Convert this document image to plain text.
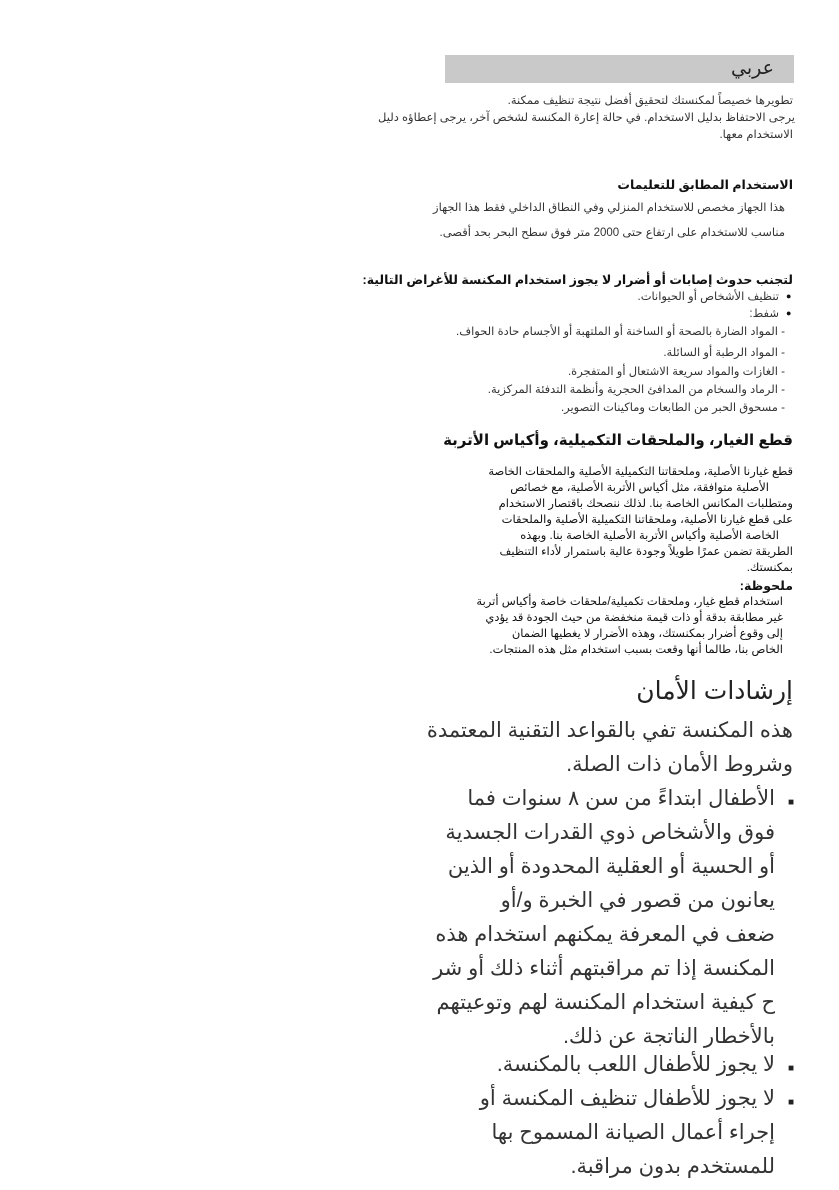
عربي
تطويرها خصيصاً لمكنستك لتحقيق أفضل نتيجة تنظيف ممكنة.
يرجى الاحتفاظ بدليل الاستخدام. في حالة إعارة المكنسة لشخص آخر، يرجى إعطاؤه دليل
الاستخدام معها.
الاستخدام المطابق للتعليمات
هذا الجهاز مخصص للاستخدام المنزلي وفي النطاق الداخلي فقط هذا الجهاز
مناسب للاستخدام على ارتفاع حتى 2000 متر فوق سطح البحر بحد أقصى.
لتجنب حدوث إصابات أو أضرار لا يجوز استخدام المكنسة للأغراض التالية:
●
تنظيف الأشخاص أو الحيوانات.
●
شفط:
- المواد الضارة بالصحة أو الساخنة أو الملتهبة أو الأجسام حادة الحواف.
- المواد الرطبة أو السائلة.
- الغازات والمواد سريعة الاشتعال أو المتفجرة.
- الرماد والسخام من المدافئ الحجرية وأنظمة التدفئة المركزية.
- مسحوق الحبر من الطابعات وماكينات التصوير.
قطع الغيار، والملحقات التكميلية، وأكياس الأتربة
قطع غيارنا الأصلية، وملحقاتنا التكميلية الأصلية والملحقات الخاصة
الأصلية متوافقة، مثل أكياس الأتربة الأصلية، مع خصائص
ومتطلبات المكانس الخاصة بنا. لذلك ننصحك باقتصار الاستخدام
على قطع غيارنا الأصلية، وملحقاتنا التكميلية الأصلية والملحقات
الخاصة الأصلية وأكياس الأتربة الأصلية الخاصة بنا. وبهذه
الطريقة تضمن عمرًا طويلاً وجودة عالية باستمرار لأداء التنظيف
بمكنستك.
ملحوظة:
استخدام قطع غيار، وملحقات تكميلية/ملحقات خاصة وأكياس أتربة
غير مطابقة بدقة أو ذات قيمة منخفضة من حيث الجودة قد يؤدي
إلى وقوع أضرار بمكنستك، وهذه الأضرار لا يغطيها الضمان
الخاص بنا، طالما أنها وقعت بسبب استخدام مثل هذه المنتجات.
إرشادات الأمان
هذه المكنسة تفي بالقواعد التقنية المعتمدة
وشروط الأمان ذات الصلة.
■
الأطفال ابتداءً من سن ٨ سنوات فما
فوق والأشخاص ذوي القدرات الجسدية
أو الحسية أو العقلية المحدودة أو الذين
يعانون من قصور في الخبرة و/أو
ضعف في المعرفة يمكنهم استخدام هذه
المكنسة إذا تم مراقبتهم أثناء ذلك أو شر
ح كيفية استخدام المكنسة لهم وتوعيتهم
بالأخطار الناتجة عن ذلك.
■
لا يجوز للأطفال اللعب بالمكنسة.
■
لا يجوز للأطفال تنظيف المكنسة أو
إجراء أعمال الصيانة المسموح بها
للمستخدم بدون مراقبة.
